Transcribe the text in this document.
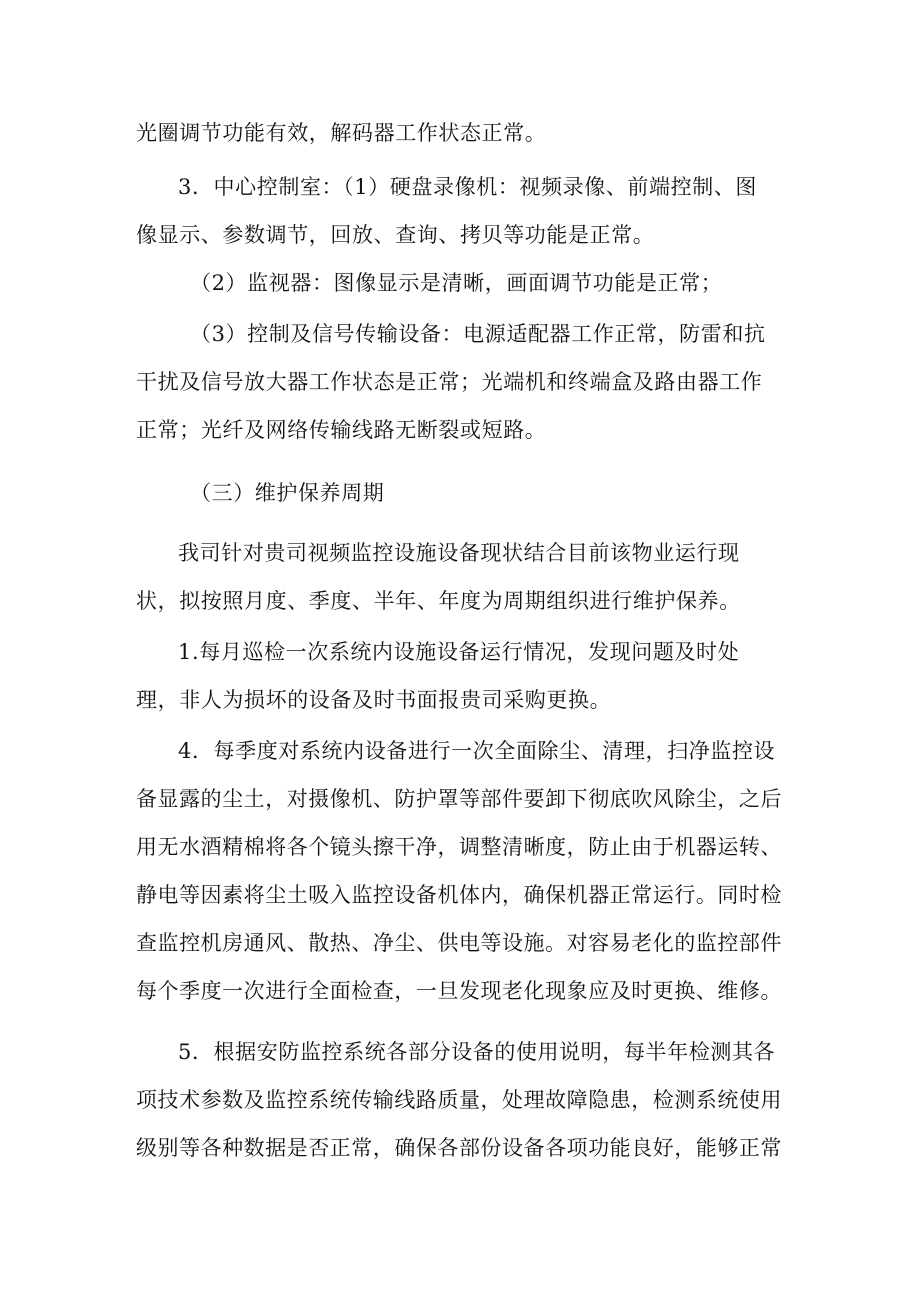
光圈调节功能有效，解码器工作状态正常。
3．中心控制室：（1）硬盘录像机：视频录像、前端控制、图
像显示、参数调节，回放、查询、拷贝等功能是正常。
（2）监视器：图像显示是清晰，画面调节功能是正常；
（3）控制及信号传输设备：电源适配器工作正常，防雷和抗
干扰及信号放大器工作状态是正常；光端机和终端盒及路由器工作
正常；光纤及网络传输线路无断裂或短路。
（三）维护保养周期
我司针对贵司视频监控设施设备现状结合目前该物业运行现
状，拟按照月度、季度、半年、年度为周期组织进行维护保养。
1.每月巡检一次系统内设施设备运行情况，发现问题及时处
理，非人为损坏的设备及时书面报贵司采购更换。
4．每季度对系统内设备进行一次全面除尘、清理，扫净监控设
备显露的尘土，对摄像机、防护罩等部件要卸下彻底吹风除尘，之后
用无水酒精棉将各个镜头擦干净，调整清晰度，防止由于机器运转、
静电等因素将尘土吸入监控设备机体内，确保机器正常运行。同时检
查监控机房通风、散热、净尘、供电等设施。对容易老化的监控部件
每个季度一次进行全面检查，一旦发现老化现象应及时更换、维修。
5．根据安防监控系统各部分设备的使用说明，每半年检测其各
项技术参数及监控系统传输线路质量，处理故障隐患，检测系统使用
级别等各种数据是否正常，确保各部份设备各项功能良好，能够正常
